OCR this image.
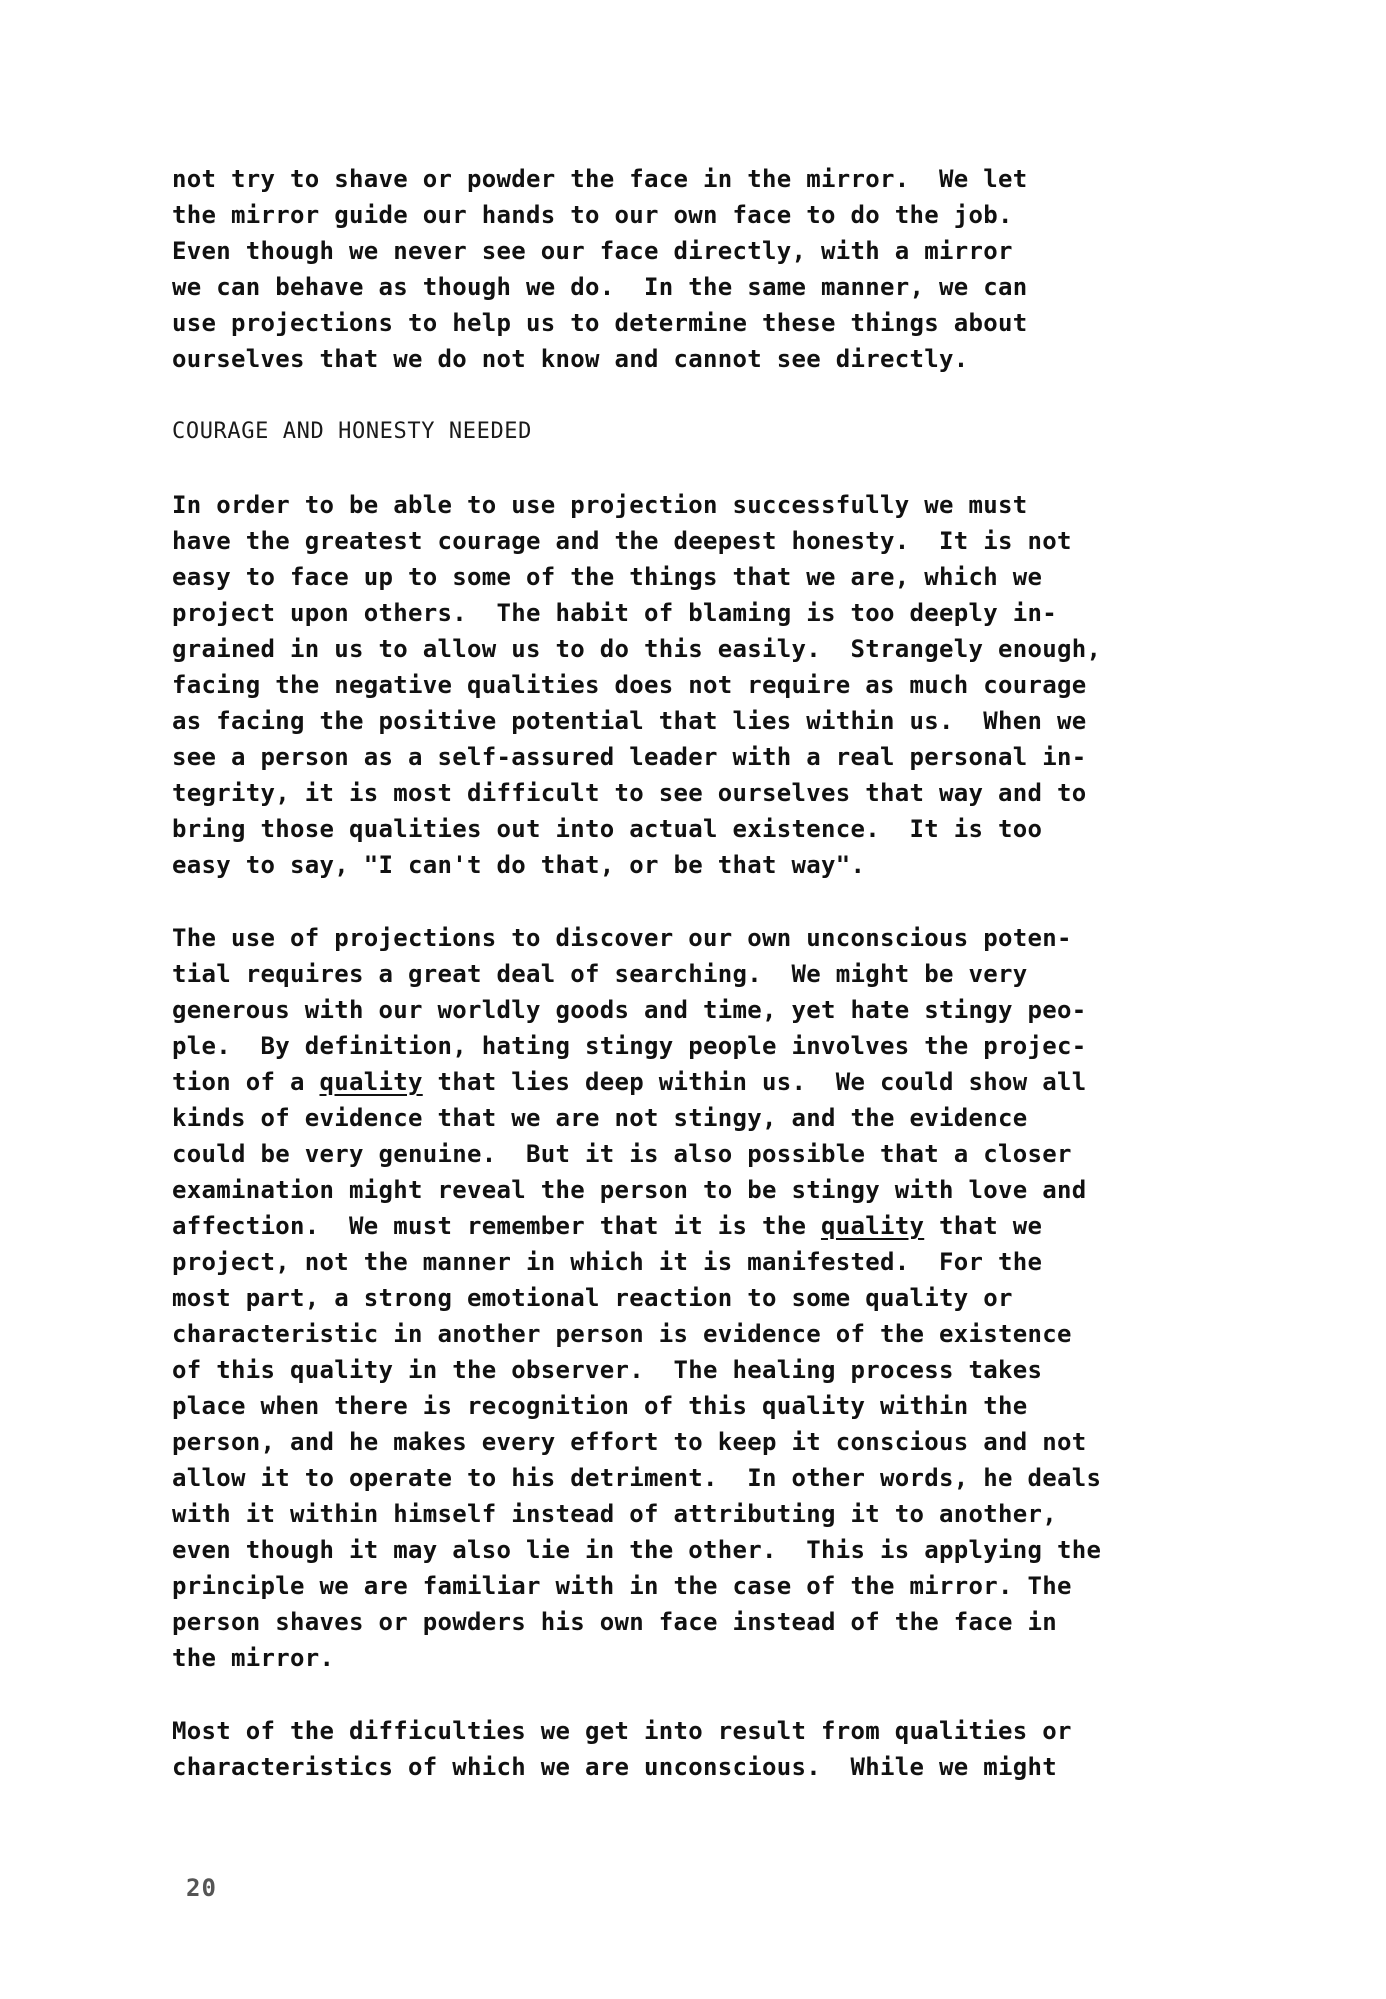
not try to shave or powder the face in the mirror.  We let
the mirror guide our hands to our own face to do the job.
Even though we never see our face directly, with a mirror
we can behave as though we do.  In the same manner, we can
use projections to help us to determine these things about
ourselves that we do not know and cannot see directly.
COURAGE AND HONESTY NEEDED
In order to be able to use projection successfully we must
have the greatest courage and the deepest honesty.  It is not
easy to face up to some of the things that we are, which we
project upon others.  The habit of blaming is too deeply in-
grained in us to allow us to do this easily.  Strangely enough,
facing the negative qualities does not require as much courage
as facing the positive potential that lies within us.  When we
see a person as a self-assured leader with a real personal in-
tegrity, it is most difficult to see ourselves that way and to
bring those qualities out into actual existence.  It is too
easy to say, "I can't do that, or be that way".
The use of projections to discover our own unconscious poten-
tial requires a great deal of searching.  We might be very
generous with our worldly goods and time, yet hate stingy peo-
ple.  By definition, hating stingy people involves the projec-
tion of a quality that lies deep within us.  We could show all
kinds of evidence that we are not stingy, and the evidence
could be very genuine.  But it is also possible that a closer
examination might reveal the person to be stingy with love and
affection.  We must remember that it is the quality that we
project, not the manner in which it is manifested.  For the
most part, a strong emotional reaction to some quality or
characteristic in another person is evidence of the existence
of this quality in the observer.  The healing process takes
place when there is recognition of this quality within the
person, and he makes every effort to keep it conscious and not
allow it to operate to his detriment.  In other words, he deals
with it within himself instead of attributing it to another,
even though it may also lie in the other.  This is applying the
principle we are familiar with in the case of the mirror. The
person shaves or powders his own face instead of the face in
the mirror.
Most of the difficulties we get into result from qualities or
characteristics of which we are unconscious.  While we might
20
